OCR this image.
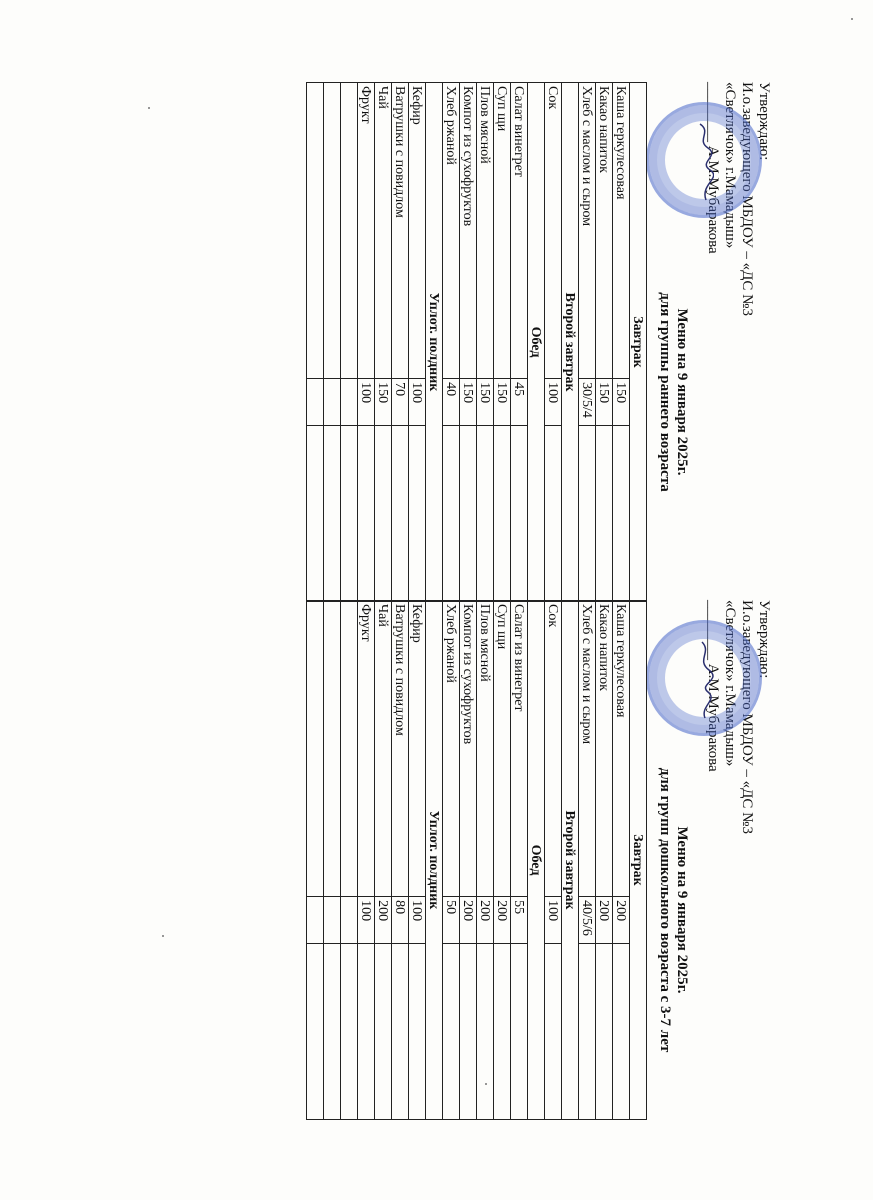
Утверждаю:
И.о.заведующего МБДОУ – «ДС №3
«Светлячок» г.Мамадыш»
________ А.М.Мубаракова
Меню на 9 января 2025г.
для группы раннего возраста
Завтрак		
Каша геркулесовая	150	
Какао напиток	150	
Хлеб с маслом и сыром	30/5/4	
Второй завтрак		
Сок	100	
Обед		
Салат винегрет	45	
Суп щи	150	
Плов мясной	150	
Компот из сухофруктов	150	
Хлеб ржаной	40	
Уплот. полдник		
Кефир	100	
Ватрушки с повидлом	70	
Чай	150	
Фрукт	100	

Утверждаю:
И.о.заведующего МБДОУ – «ДС №3
«Светлячок» г.Мамадыш»
________ А.М.Мубаракова
Меню на 9 января 2025г.
для групп дошкольного возраста с 3-7 лет
Завтрак		
Каша геркулесовая	200	
Какао напиток	200	
Хлеб с маслом и сыром	40/5/6	
Второй завтрак		
Сок	100	
Обед		
Салат из винегрет	55	
Суп щи	200	
Плов мясной	200	
Компот из сухофруктов	200	
Хлеб ржаной	50	
Уплот. полдник		
Кефир	100	
Ватрушки с повидлом	80	
Чай	200	
Фрукт	100	
